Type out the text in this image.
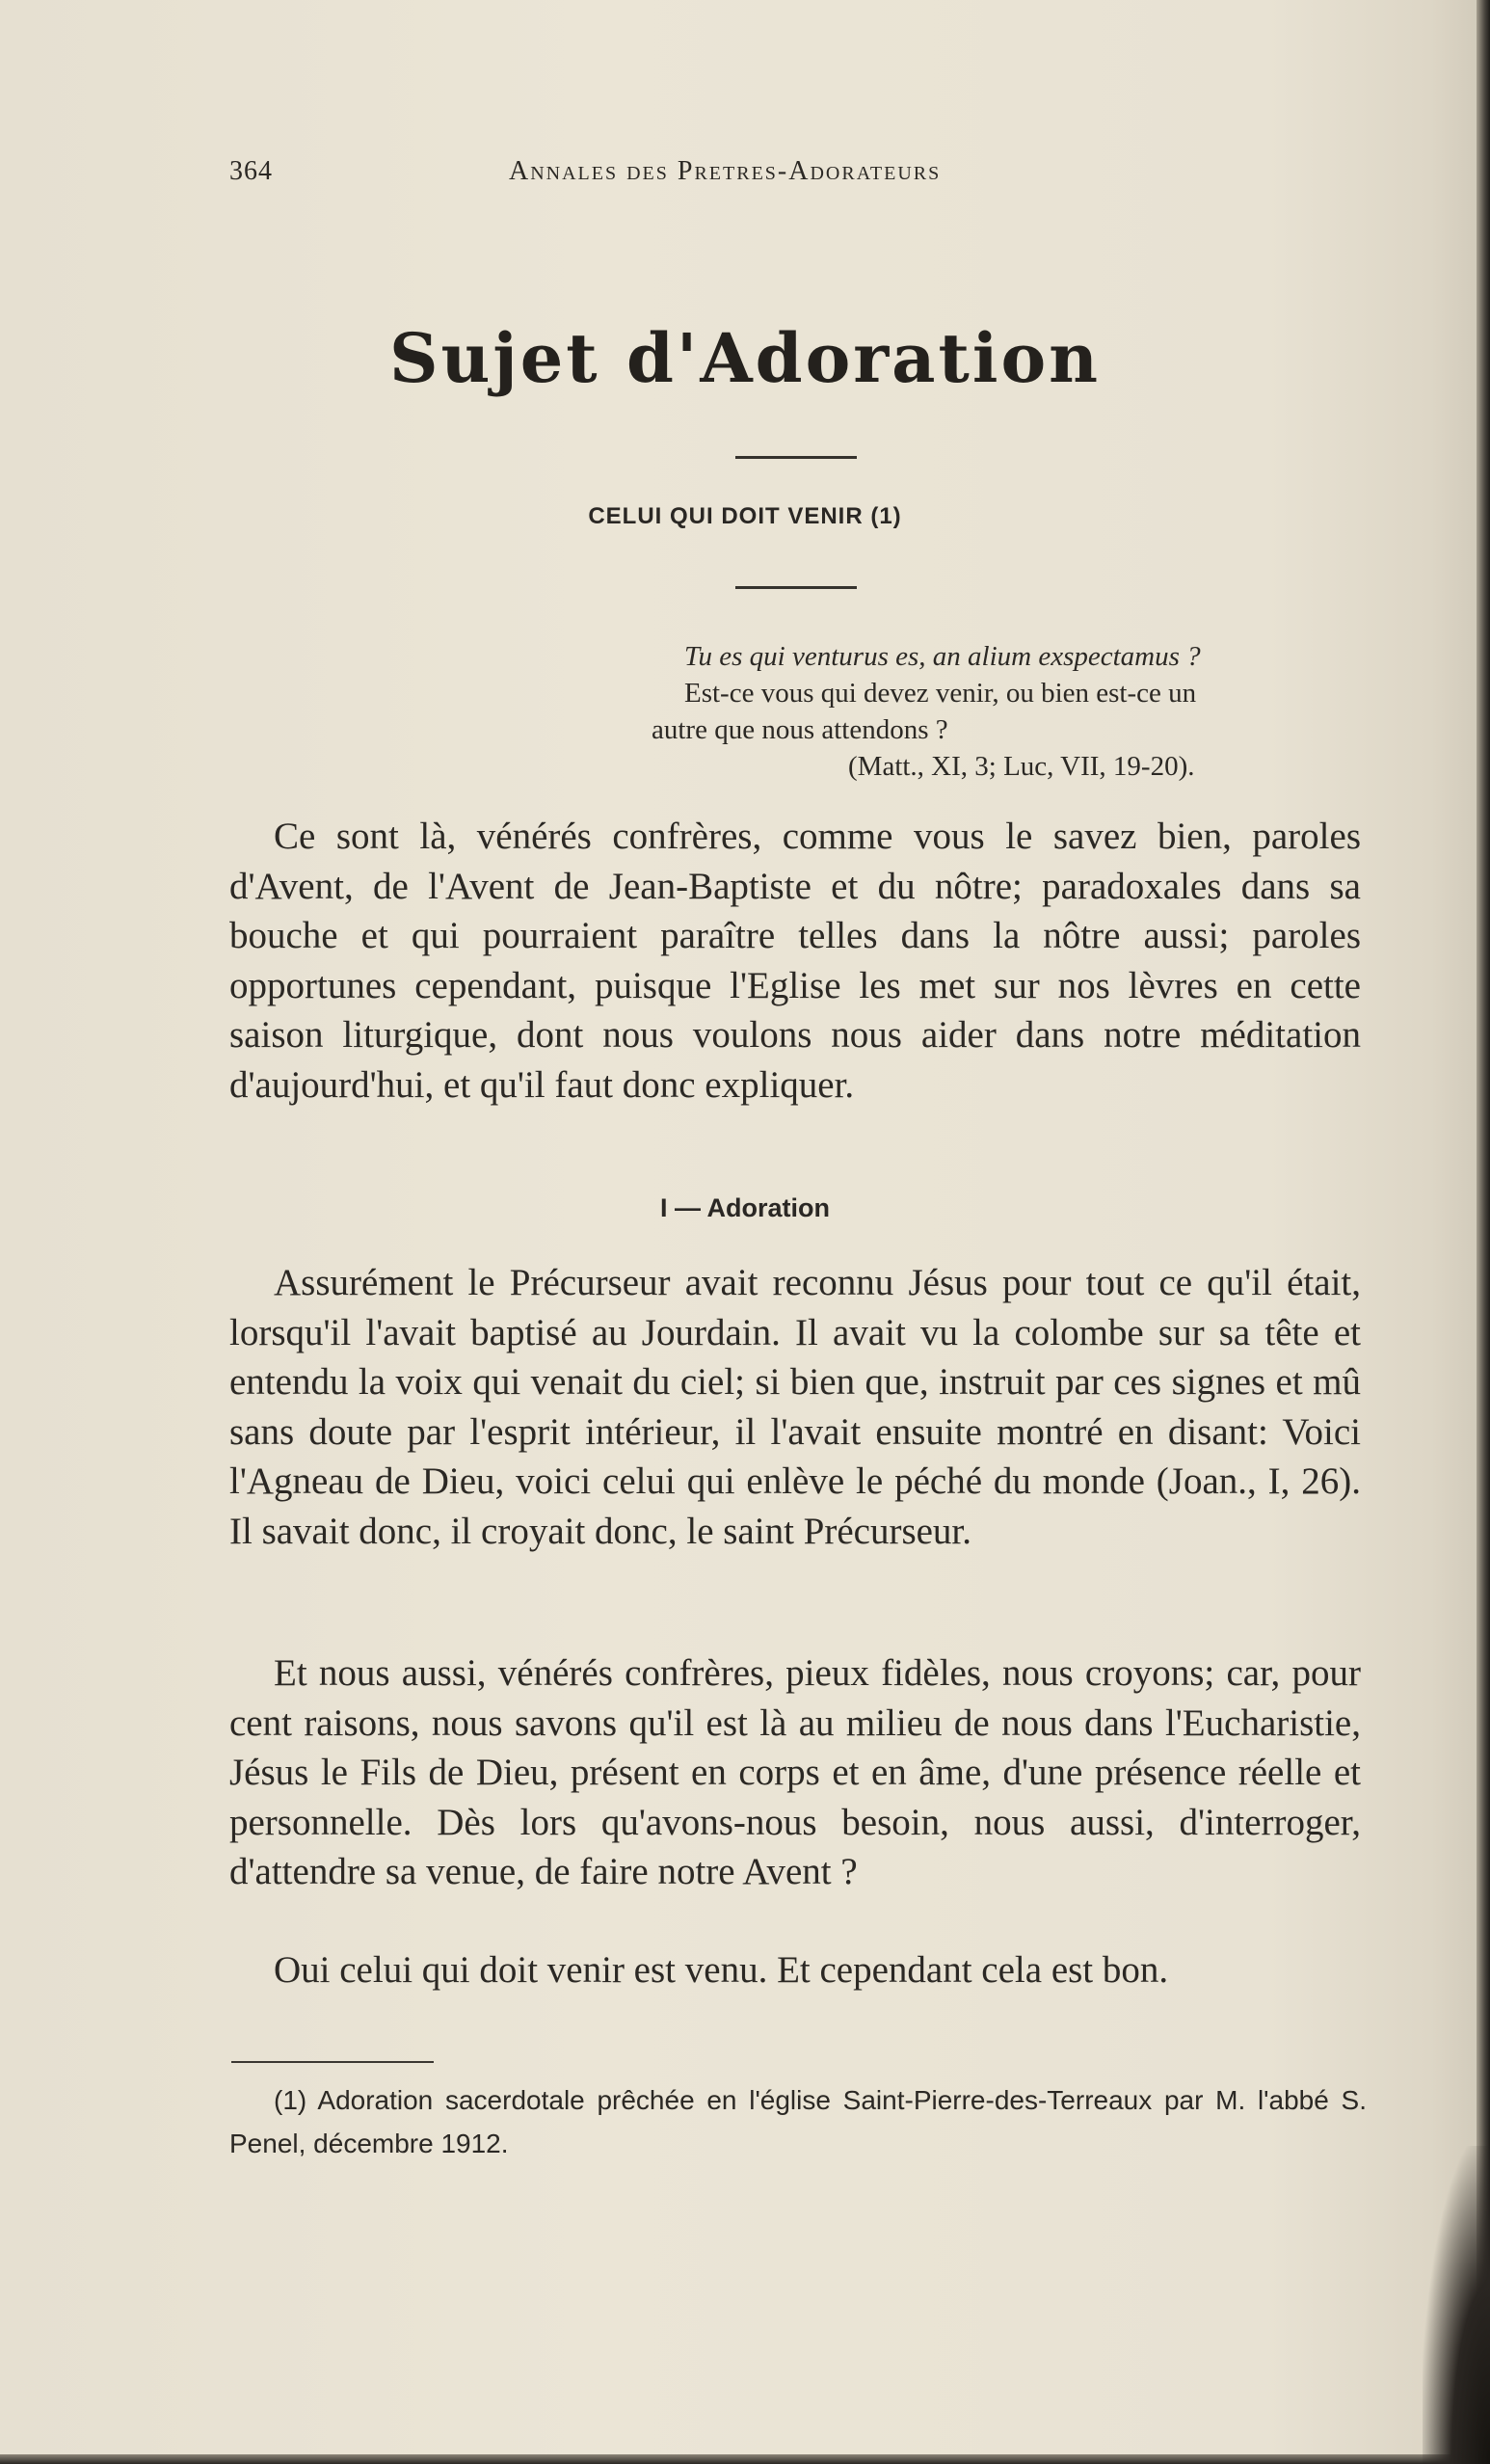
364	Annales des Pretres-Adorateurs
Sujet d'Adoration
CELUI QUI DOIT VENIR (1)
Tu es qui venturus es, an alium exspectamus ?
Est-ce vous qui devez venir, ou bien est-ce un
autre que nous attendons ?
(Matt., XI, 3; Luc, VII, 19-20).

Ce sont là, vénérés confrères, comme vous le savez bien, paroles d'Avent, de l'Avent de Jean-Baptiste et du nôtre; paradoxales dans sa bouche et qui pourraient paraître telles dans la nôtre aussi; paroles opportunes cependant, puisque l'Eglise les met sur nos lèvres en cette saison liturgique, dont nous voulons nous aider dans notre méditation d'aujourd'hui, et qu'il faut donc expliquer.

I — Adoration

Assurément le Précurseur avait reconnu Jésus pour tout ce qu'il était, lorsqu'il l'avait baptisé au Jourdain. Il avait vu la colombe sur sa tête et entendu la voix qui venait du ciel; si bien que, instruit par ces signes et mû sans doute par l'esprit intérieur, il l'avait ensuite montré en disant: Voici l'Agneau de Dieu, voici celui qui enlève le péché du monde (Joan., I, 26). Il savait donc, il croyait donc, le saint Précurseur.

Et nous aussi, vénérés confrères, pieux fidèles, nous croyons; car, pour cent raisons, nous savons qu'il est là au milieu de nous dans l'Eucharistie, Jésus le Fils de Dieu, présent en corps et en âme, d'une présence réelle et personnelle. Dès lors qu'avons-nous besoin, nous aussi, d'interroger, d'attendre sa venue, de faire notre Avent ?

Oui celui qui doit venir est venu. Et cependant cela est bon.

(1) Adoration sacerdotale prêchée en l'église Saint-Pierre-des-Terreaux par M. l'abbé S. Penel, décembre 1912.
